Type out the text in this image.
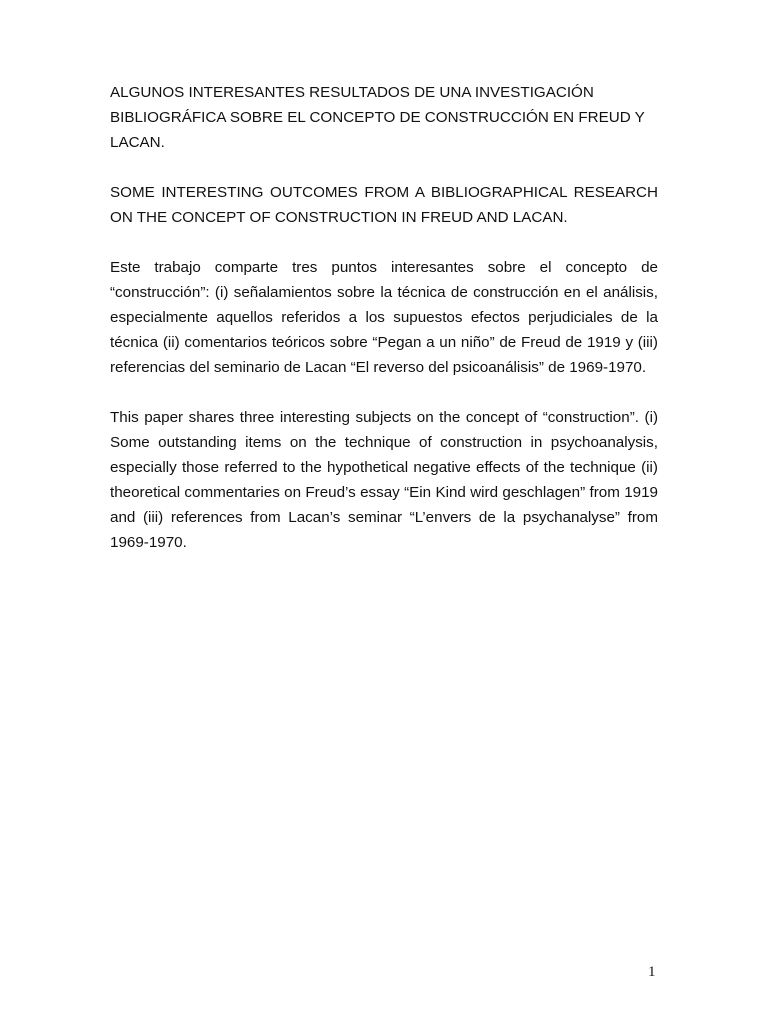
ALGUNOS INTERESANTES RESULTADOS DE UNA INVESTIGACIÓN BIBLIOGRÁFICA SOBRE EL CONCEPTO DE CONSTRUCCIÓN EN FREUD Y LACAN.

SOME INTERESTING OUTCOMES FROM A BIBLIOGRAPHICAL RESEARCH ON THE CONCEPT OF CONSTRUCTION IN FREUD AND LACAN.

Este trabajo comparte tres puntos interesantes sobre el concepto de “construcción”: (i) señalamientos sobre la técnica de construcción en el análisis, especialmente aquellos referidos a los supuestos efectos perjudiciales de la técnica (ii) comentarios teóricos sobre “Pegan a un niño” de Freud de 1919 y (iii) referencias del seminario de Lacan “El reverso del psicoanálisis” de 1969-1970.

This paper shares three interesting subjects on the concept of “construction”. (i) Some outstanding items on the technique of construction in psychoanalysis, especially those referred to the hypothetical negative effects of the technique (ii) theoretical commentaries on Freud’s essay “Ein Kind wird geschlagen” from 1919 and (iii) references from Lacan’s seminar “L’envers de la psychanalyse” from 1969-1970.

1
